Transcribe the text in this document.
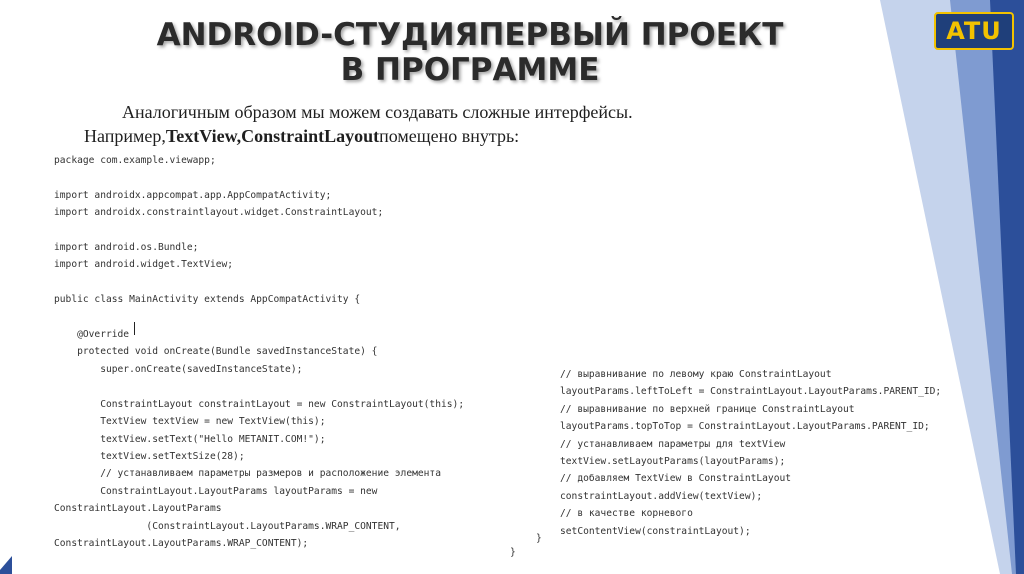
ATU
ANDROID-СТУДИЯПЕРВЫЙ ПРОЕКТ В ПРОГРАММЕ
Аналогичным образом мы можем создавать сложные интерфейсы.
Например,TextView,ConstraintLayoutпомещено внутрь:
package com.example.viewapp;

import androidx.appcompat.app.AppCompatActivity;
import androidx.constraintlayout.widget.ConstraintLayout;

import android.os.Bundle;
import android.widget.TextView;

public class MainActivity extends AppCompatActivity {

@Override
protected void onCreate(Bundle savedInstanceState) {
super.onCreate(savedInstanceState);

ConstraintLayout constraintLayout = new ConstraintLayout(this);
TextView textView = new TextView(this);
textView.setText("Hello METANIT.COM!");
textView.setTextSize(28);
// устанавливаем параметры размеров и расположение элемента
ConstraintLayout.LayoutParams layoutParams = new
ConstraintLayout.LayoutParams
(ConstraintLayout.LayoutParams.WRAP_CONTENT,
ConstraintLayout.LayoutParams.WRAP_CONTENT);
// выравнивание по левому краю ConstraintLayout
layoutParams.leftToLeft = ConstraintLayout.LayoutParams.PARENT_ID;
// выравнивание по верхней границе ConstraintLayout
layoutParams.topToTop = ConstraintLayout.LayoutParams.PARENT_ID;
// устанавливаем параметры для textView
textView.setLayoutParams(layoutParams);
// добавляем TextView в ConstraintLayout
constraintLayout.addView(textView);
// в качестве корневого
setContentView(constraintLayout);
}
}
